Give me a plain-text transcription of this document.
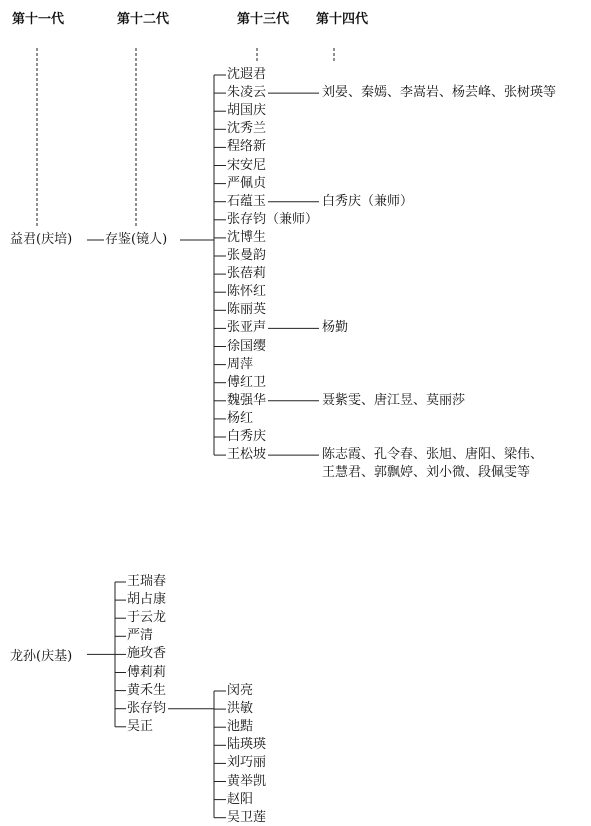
第十一代	第十二代	第十三代 第十四代
益君(庆培)	存鉴(镜人)
沈遐君
朱凌云
胡国庆
沈秀兰
程络新
宋安尼
严佩贞
石蕴玉
张存钧（兼师）
沈博生
张曼韵
张蓓莉
陈怀红
陈丽英
张亚声
徐国缨
周萍
傅红卫
魏强华
杨红
白秀庆
王松坡
刘晏、秦嫣、李嵩岩、杨芸峰、张树瑛等
白秀庆（兼师）
杨勤
聂紫雯、唐江昱、莫丽莎
陈志霞、孔令春、张旭、唐阳、梁伟、
王慧君、郭飘婷、刘小微、段佩雯等
龙孙(庆基)
王瑞春
胡占康
于云龙
严清
施玫香
傅莉莉
黄禾生
张存钧
吴正
闵亮
洪敏
池黠
陆瑛瑛
刘巧丽
黄举凯
赵阳
吴卫莲
